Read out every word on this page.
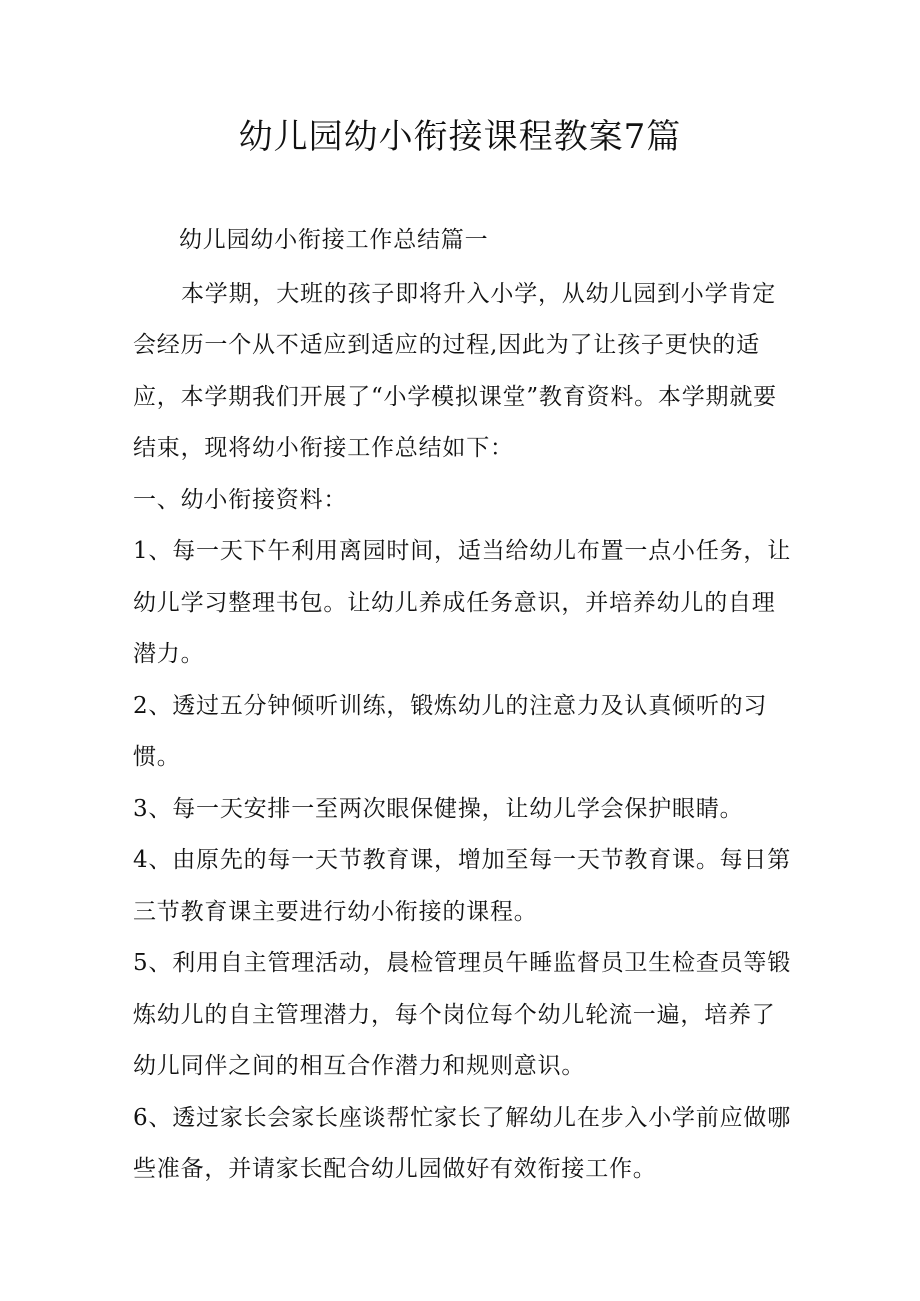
幼儿园幼小衔接课程教案7篇

幼儿园幼小衔接工作总结篇一

本学期，大班的孩子即将升入小学，从幼儿园到小学肯定会经历一个从不适应到适应的过程,因此为了让孩子更快的适应，本学期我们开展了“小学模拟课堂”教育资料。本学期就要结束，现将幼小衔接工作总结如下：

一、幼小衔接资料：

1、每一天下午利用离园时间，适当给幼儿布置一点小任务，让幼儿学习整理书包。让幼儿养成任务意识，并培养幼儿的自理潜力。

2、透过五分钟倾听训练，锻炼幼儿的注意力及认真倾听的习惯。

3、每一天安排一至两次眼保健操，让幼儿学会保护眼睛。

4、由原先的每一天节教育课，增加至每一天节教育课。每日第三节教育课主要进行幼小衔接的课程。

5、利用自主管理活动，晨检管理员午睡监督员卫生检查员等锻炼幼儿的自主管理潜力，每个岗位每个幼儿轮流一遍，培养了幼儿同伴之间的相互合作潜力和规则意识。

6、透过家长会家长座谈帮忙家长了解幼儿在步入小学前应做哪些准备，并请家长配合幼儿园做好有效衔接工作。
